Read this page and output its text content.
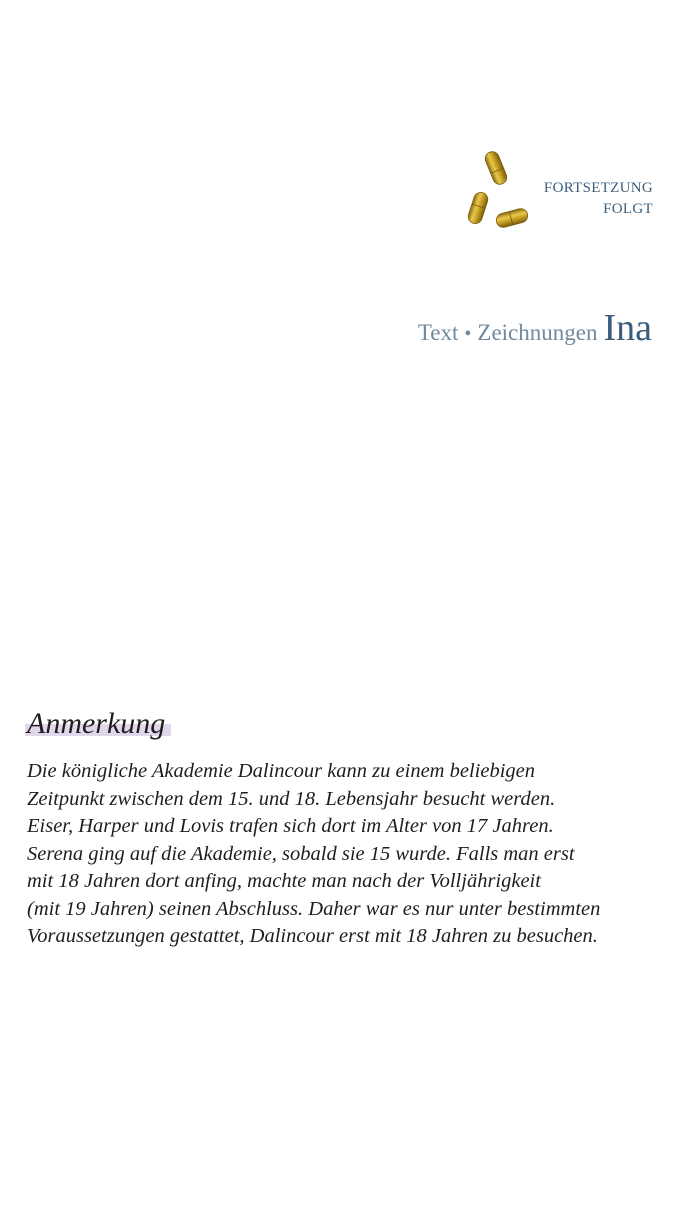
FORTSETZUNG
FOLGT
Text • Zeichnungen Ina
Anmerkung

Die königliche Akademie Dalincour kann zu einem beliebigen
Zeitpunkt zwischen dem 15. und 18. Lebensjahr besucht werden.
Eiser, Harper und Lovis trafen sich dort im Alter von 17 Jahren.
Serena ging auf die Akademie, sobald sie 15 wurde. Falls man erst
mit 18 Jahren dort anfing, machte man nach der Volljährigkeit
(mit 19 Jahren) seinen Abschluss. Daher war es nur unter bestimmten
Voraussetzungen gestattet, Dalincour erst mit 18 Jahren zu besuchen.
